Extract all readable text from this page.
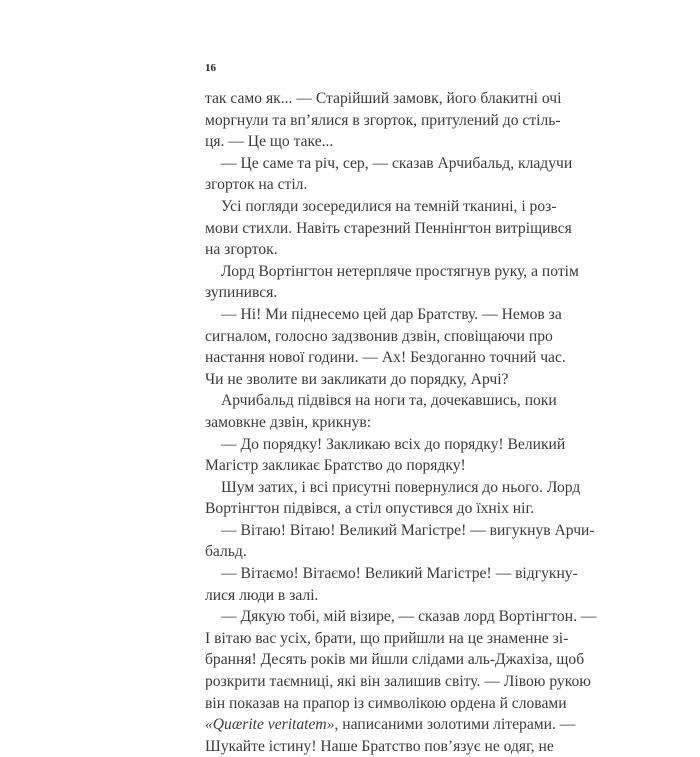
16
так само як... — Старійший замовк, його блакитні очі
моргнули та вп’ялися в згорток, притулений до стіль-
ця. — Це що таке...
— Це саме та річ, сер, — сказав Арчибальд, кладучи
згорток на стіл.
Усі погляди зосередилися на темній тканині, і роз-
мови стихли. Навіть старезний Пеннінгтон витріщився
на згорток.
Лорд Вортінгтон нетерпляче простягнув руку, а потім
зупинився.
— Ні! Ми піднесемо цей дар Братству. — Немов за
сигналом, голосно задзвонив дзвін, сповіщаючи про
настання нової години. — Ах! Бездоганно точний час.
Чи не зволите ви закликати до порядку, Арчі?
Арчибальд підвівся на ноги та, дочекавшись, поки
замовкне дзвін, крикнув:
— До порядку! Закликаю всіх до порядку! Великий
Магістр закликає Братство до порядку!
Шум затих, і всі присутні повернулися до нього. Лорд
Вортінгтон підвівся, а стіл опустився до їхніх ніг.
— Вітаю! Вітаю! Великий Магістре! — вигукнув Арчи-
бальд.
— Вітаємо! Вітаємо! Великий Магістре! — відгукну-
лися люди в залі.
— Дякую тобі, мій візире, — сказав лорд Вортінгтон. —
І вітаю вас усіх, брати, що прийшли на це знаменне зі-
брання! Десять років ми йшли слідами аль-Джахіза, щоб
розкрити таємниці, які він залишив світу. — Лівою рукою
він показав на прапор із символікою ордена й словами
«Quærite veritatem», написаними золотими літерами. —
Шукайте істину! Наше Братство пов’язує не одяг, не
